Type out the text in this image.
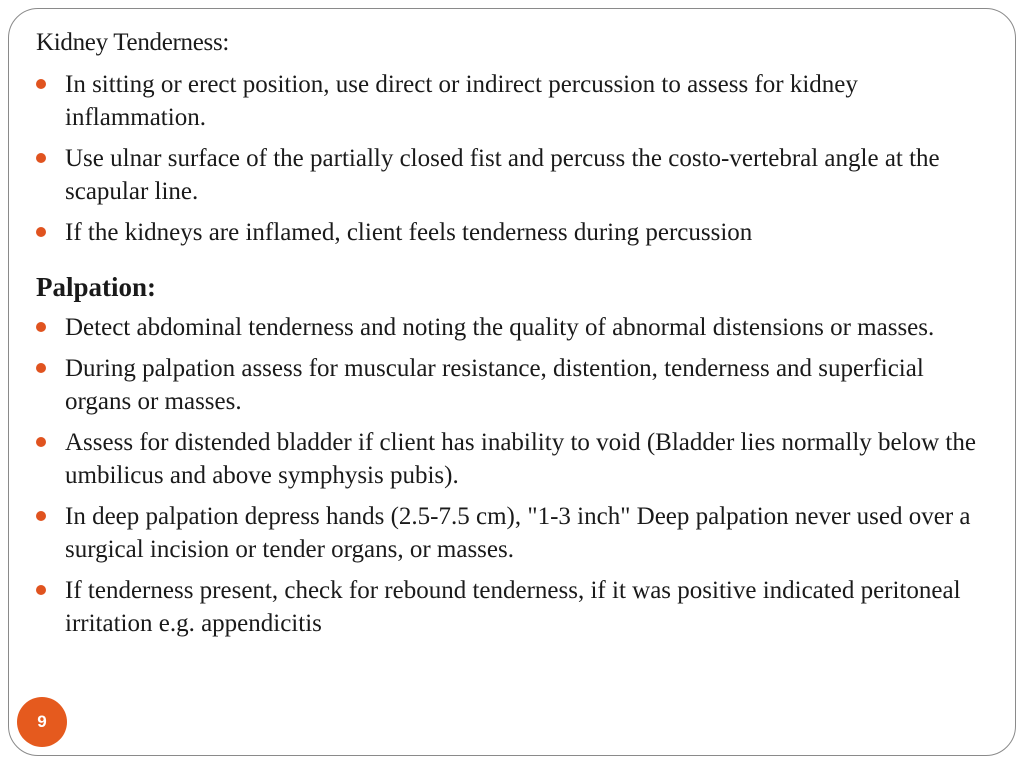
Kidney Tenderness:
In sitting or erect position, use direct or indirect percussion to assess for kidney inflammation.
Use ulnar surface of the partially closed fist and percuss the costo-vertebral angle at the scapular line.
If the kidneys are inflamed, client feels tenderness during percussion
Palpation:
Detect abdominal tenderness and noting the quality of abnormal distensions or masses.
During palpation assess for muscular resistance, distention, tenderness and superficial organs or masses.
Assess for distended bladder if client has inability to void (Bladder lies normally below the umbilicus and above symphysis pubis).
In deep palpation depress hands (2.5-7.5 cm), "1-3 inch" Deep palpation never used over a surgical incision or tender organs, or masses.
If tenderness present, check for rebound tenderness, if it was positive indicated peritoneal irritation e.g. appendicitis
9
